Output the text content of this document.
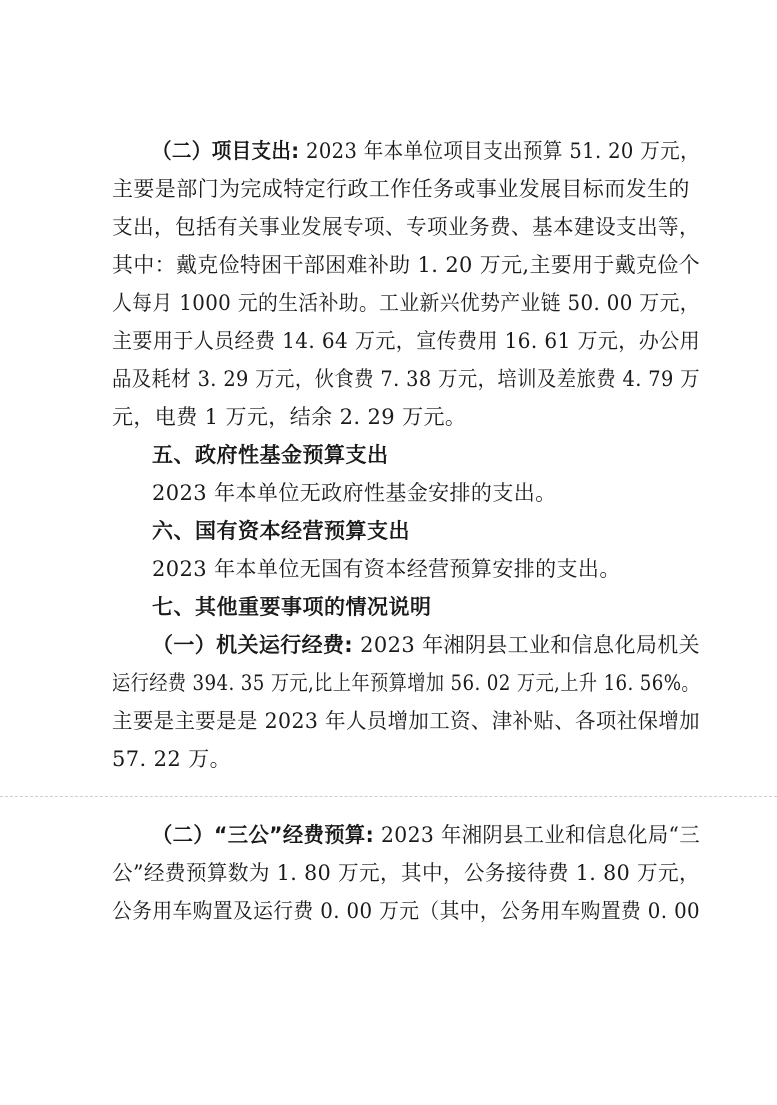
（二）项目支出: 2023 年本单位项目支出预算 51. 20 万元，
主要是部门为完成特定行政工作任务或事业发展目标而发生的
支出，包括有关事业发展专项、专项业务费、基本建设支出等，
其中：戴克俭特困干部困难补助 1. 20 万元,主要用于戴克俭个
人每月 1000 元的生活补助。工业新兴优势产业链 50. 00 万元，
主要用于人员经费 14. 64 万元，宣传费用 16. 61 万元，办公用
品及耗材 3. 29 万元，伙食费 7. 38 万元，培训及差旅费 4. 79 万
元，电费 1 万元，结余 2. 29 万元。
五、政府性基金预算支出
2023 年本单位无政府性基金安排的支出。
六、国有资本经营预算支出
2023 年本单位无国有资本经营预算安排的支出。
七、其他重要事项的情况说明
（一）机关运行经费: 2023 年湘阴县工业和信息化局机关
运行经费 394. 35 万元,比上年预算增加 56. 02 万元,上升 16. 56%。
主要是主要是是 2023 年人员增加工资、津补贴、各项社保增加
57. 22 万。
（二）“三公”经费预算: 2023 年湘阴县工业和信息化局“三
公”经费预算数为 1. 80 万元，其中，公务接待费 1. 80 万元，
公务用车购置及运行费 0. 00 万元（其中，公务用车购置费 0. 00
